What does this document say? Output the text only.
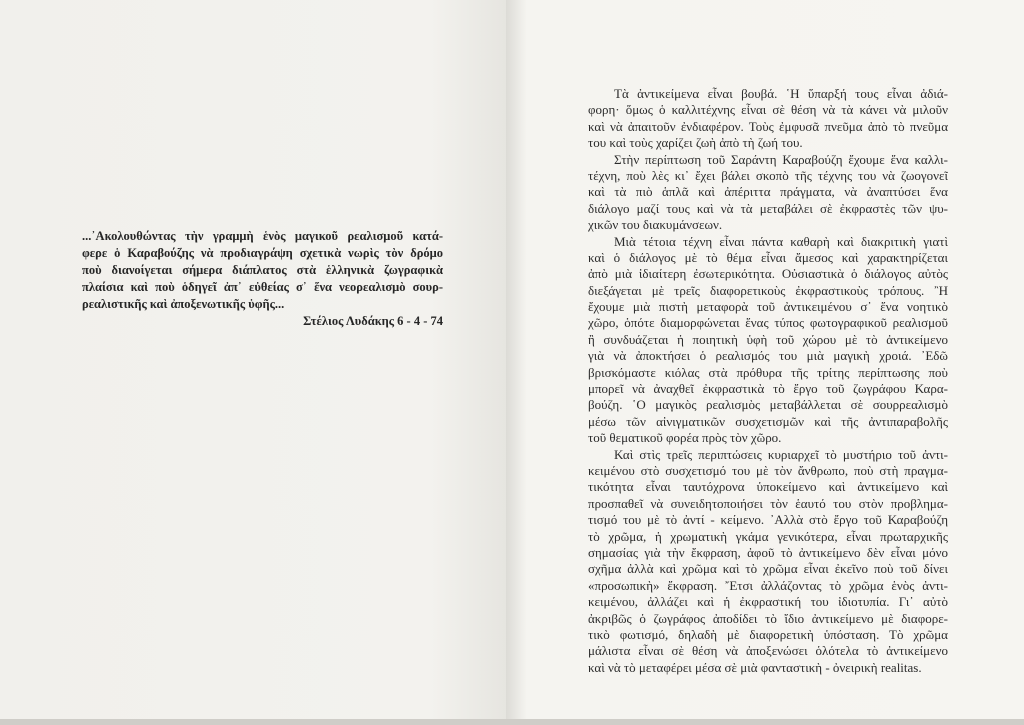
...᾿Ακολουθώντας τὴν γραμμὴ ἑνὸς μαγικοῦ ρεαλισμοῦ κατά-
φερε ὁ Καραβούζης νὰ προδιαγράψη σχετικὰ νωρὶς τὸν δρόμο
ποὺ διανοίγεται σήμερα διάπλατος στὰ ἑλληνικὰ ζωγραφικὰ
πλαίσια καὶ ποὺ ὁδηγεῖ ἀπ᾿ εὐθείας σ᾿ ἕνα νεορεαλισμὸ σουρ-
ρεαλιστικῆς καὶ ἀποξενωτικῆς ὑφῆς...
Στέλιος Λυδάκης 6 - 4 - 74
Τὰ ἀντικείμενα εἶναι βουβά. ῾Η ὕπαρξή τους εἶναι ἀδιά-
φορη· ὅμως ὁ καλλιτέχνης εἶναι σὲ θέση νὰ τὰ κάνει νὰ μιλοῦν
καὶ νὰ ἀπαιτοῦν ἐνδιαφέρον. Τοὺς ἐμφυσᾶ πνεῦμα ἀπὸ τὸ πνεῦμα
του καὶ τοὺς χαρίζει ζωὴ ἀπὸ τὴ ζωή του.
Στὴν περίπτωση τοῦ Σαράντη Καραβούζη ἔχουμε ἕνα καλλι-
τέχνη, ποὺ λὲς κι᾿ ἔχει βάλει σκοπὸ τῆς τέχνης του νὰ ζωογονεῖ
καὶ τὰ πιὸ ἁπλᾶ καὶ ἀπέριττα πράγματα, νὰ ἀναπτύσει ἕνα
διάλογο μαζί τους καὶ νὰ τὰ μεταβάλει σὲ ἐκφραστὲς τῶν ψυ-
χικῶν του διακυμάνσεων.
Μιὰ τέτοια τέχνη εἶναι πάντα καθαρὴ καὶ διακριτικὴ γιατὶ
καὶ ὁ διάλογος μὲ τὸ θέμα εἶναι ἄμεσος καὶ χαρακτηρίζεται
ἀπὸ μιὰ ἰδιαίτερη ἐσωτερικότητα. Οὐσιαστικὰ ὁ διάλογος αὐτὸς
διεξάγεται μὲ τρεῖς διαφορετικοὺς ἐκφραστικοὺς τρόπους. ῍Η
ἔχουμε μιὰ πιστὴ μεταφορὰ τοῦ ἀντικειμένου σ᾿ ἕνα νοητικὸ
χῶρο, ὁπότε διαμορφώνεται ἕνας τύπος φωτογραφικοῦ ρεαλισμοῦ
ἢ συνδυάζεται ἡ ποιητικὴ ὑφὴ τοῦ χώρου μὲ τὸ ἀντικείμενο
γιὰ νὰ ἀποκτήσει ὁ ρεαλισμός του μιὰ μαγικὴ χροιά. ᾿Εδῶ
βρισκόμαστε κιόλας στὰ πρόθυρα τῆς τρίτης περίπτωσης ποὺ
μπορεῖ νὰ ἀναχθεῖ ἐκφραστικὰ τὸ ἔργο τοῦ ζωγράφου Καρα-
βούζη. ῾Ο μαγικὸς ρεαλισμὸς μεταβάλλεται σὲ σουρρεαλισμὸ
μέσω τῶν αἰνιγματικῶν συσχετισμῶν καὶ τῆς ἀντιπαραβολῆς
τοῦ θεματικοῦ φορέα πρὸς τὸν χῶρο.
Καὶ στὶς τρεῖς περιπτώσεις κυριαρχεῖ τὸ μυστήριο τοῦ ἀντι-
κειμένου στὸ συσχετισμό του μὲ τὸν ἄνθρωπο, ποὺ στὴ πραγμα-
τικότητα εἶναι ταυτόχρονα ὑποκείμενο καὶ ἀντικείμενο καὶ
προσπαθεῖ νὰ συνειδητοποιήσει τὸν ἑαυτό του στὸν προβλημα-
τισμό του μὲ τὸ ἀντί - κείμενο. ᾿Αλλὰ στὸ ἔργο τοῦ Καραβούζη
τὸ χρῶμα, ἡ χρωματικὴ γκάμα γενικότερα, εἶναι πρωταρχικῆς
σημασίας γιὰ τὴν ἔκφραση, ἀφοῦ τὸ ἀντικείμενο δὲν εἶναι μόνο
σχῆμα ἀλλὰ καὶ χρῶμα καὶ τὸ χρῶμα εἶναι ἐκεῖνο ποὺ τοῦ δίνει
«προσωπικὴ» ἔκφραση. ῎Ετσι ἀλλάζοντας τὸ χρῶμα ἑνὸς ἀντι-
κειμένου, ἀλλάζει καὶ ἡ ἐκφραστική του ἰδιοτυπία. Γι᾿ αὐτὸ
ἀκριβῶς ὁ ζωγράφος ἀποδίδει τὸ ἴδιο ἀντικείμενο μὲ διαφορε-
τικὸ φωτισμό, δηλαδὴ μὲ διαφορετικὴ ὑπόσταση. Τὸ χρῶμα
μάλιστα εἶναι σὲ θέση νὰ ἀποξενώσει ὁλότελα τὸ ἀντικείμενο
καὶ νὰ τὸ μεταφέρει μέσα σὲ μιὰ φανταστικὴ - ὀνειρικὴ realitas.
